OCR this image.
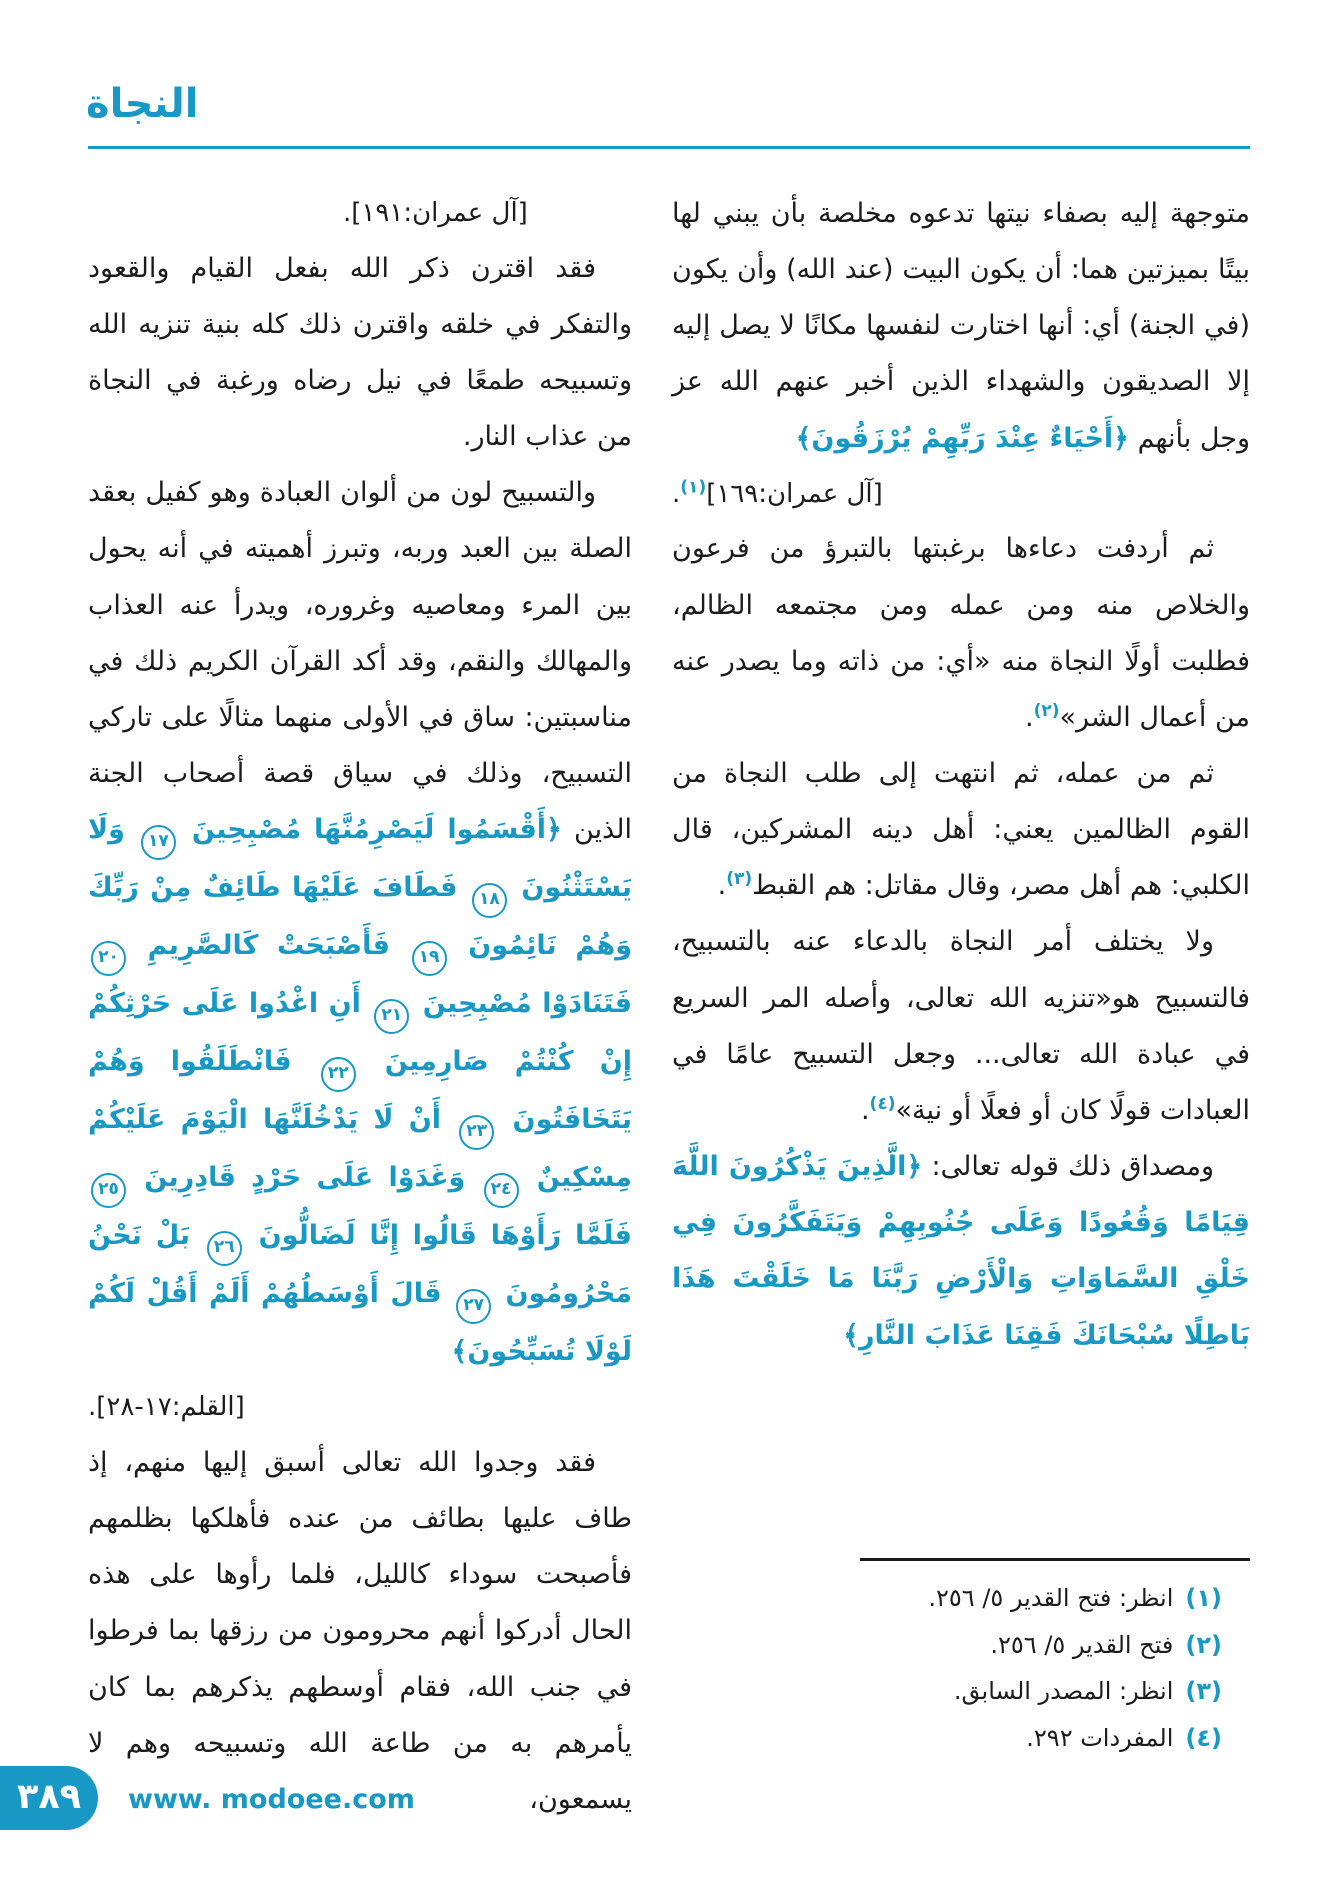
النجاة
متوجهة إليه بصفاء نيتها تدعوه مخلصة بأن يبني لها بيتًا بميزتين هما: أن يكون البيت (عند الله) وأن يكون (في الجنة) أي: أنها اختارت لنفسها مكانًا لا يصل إليه إلا الصديقون والشهداء الذين أخبر عنهم الله عز وجل بأنهم ﴿أَحْيَاءٌ عِنْدَ رَبِّهِمْ يُرْزَقُونَ﴾
[آل عمران:١٦٩]$^{(١)}$.
ثم أردفت دعاءها برغبتها بالتبرؤ من فرعون والخلاص منه ومن عمله ومن مجتمعه الظالم، فطلبت أولًا النجاة منه «أي: من ذاته وما يصدر عنه من أعمال الشر»$^{(٢)}$.
ثم من عمله، ثم انتهت إلى طلب النجاة من القوم الظالمين يعني: أهل دينه المشركين، قال الكلبي: هم أهل مصر، وقال مقاتل: هم القبط$^{(٣)}$.
ولا يختلف أمر النجاة بالدعاء عنه بالتسبيح، فالتسبيح هو«تنزيه الله تعالى، وأصله المر السريع في عبادة الله تعالى... وجعل التسبيح عامًا في العبادات قولًا كان أو فعلًا أو نية»$^{(٤)}$.
ومصداق ذلك قوله تعالى: ﴿الَّذِينَ يَذْكُرُونَ اللَّهَ قِيَامًا وَقُعُودًا وَعَلَى جُنُوبِهِمْ وَيَتَفَكَّرُونَ فِي خَلْقِ السَّمَاوَاتِ وَالْأَرْضِ رَبَّنَا مَا خَلَقْتَ هَذَا بَاطِلًا سُبْحَانَكَ فَقِنَا عَذَابَ النَّارِ﴾
(١)انظر: فتح القدير ٥/ ٢٥٦.
(٢)فتح القدير ٥/ ٢٥٦.
(٣)انظر: المصدر السابق.
(٤)المفردات ٢٩٢.
[آل عمران:١٩١].
فقد اقترن ذكر الله بفعل القيام والقعود والتفكر في خلقه واقترن ذلك كله بنية تنزيه الله وتسبيحه طمعًا في نيل رضاه ورغبة في النجاة من عذاب النار.
والتسبيح لون من ألوان العبادة وهو كفيل بعقد الصلة بين العبد وربه، وتبرز أهميته في أنه يحول بين المرء ومعاصيه وغروره، ويدرأ عنه العذاب والمهالك والنقم، وقد أكد القرآن الكريم ذلك في مناسبتين: ساق في الأولى منهما مثالًا على تاركي التسبيح، وذلك في سياق قصة أصحاب الجنة الذين ﴿أَقْسَمُوا لَيَصْرِمُنَّهَا مُصْبِحِينَ ١٧ وَلَا يَسْتَثْنُونَ ١٨ فَطَافَ عَلَيْهَا طَائِفٌ مِنْ رَبِّكَ وَهُمْ نَائِمُونَ ١٩ فَأَصْبَحَتْ كَالصَّرِيمِ ٢٠ فَتَنَادَوْا مُصْبِحِينَ ٢١ أَنِ اغْدُوا عَلَى حَرْثِكُمْ إِنْ كُنْتُمْ صَارِمِينَ ٢٢ فَانْطَلَقُوا وَهُمْ يَتَخَافَتُونَ ٢٣ أَنْ لَا يَدْخُلَنَّهَا الْيَوْمَ عَلَيْكُمْ مِسْكِينٌ ٢٤ وَغَدَوْا عَلَى حَرْدٍ قَادِرِينَ ٢٥ فَلَمَّا رَأَوْهَا قَالُوا إِنَّا لَضَالُّونَ ٢٦ بَلْ نَحْنُ مَحْرُومُونَ ٢٧ قَالَ أَوْسَطُهُمْ أَلَمْ أَقُلْ لَكُمْ لَوْلَا تُسَبِّحُونَ﴾
[القلم:١٧-٢٨].
فقد وجدوا الله تعالى أسبق إليها منهم، إذ طاف عليها بطائف من عنده فأهلكها بظلمهم فأصبحت سوداء كالليل، فلما رأوها على هذه الحال أدركوا أنهم محرومون من رزقها بما فرطوا في جنب الله، فقام أوسطهم يذكرهم بما كان يأمرهم به من طاعة الله وتسبيحه وهم لا يسمعون،
٣٨٩	www. modoee.com
